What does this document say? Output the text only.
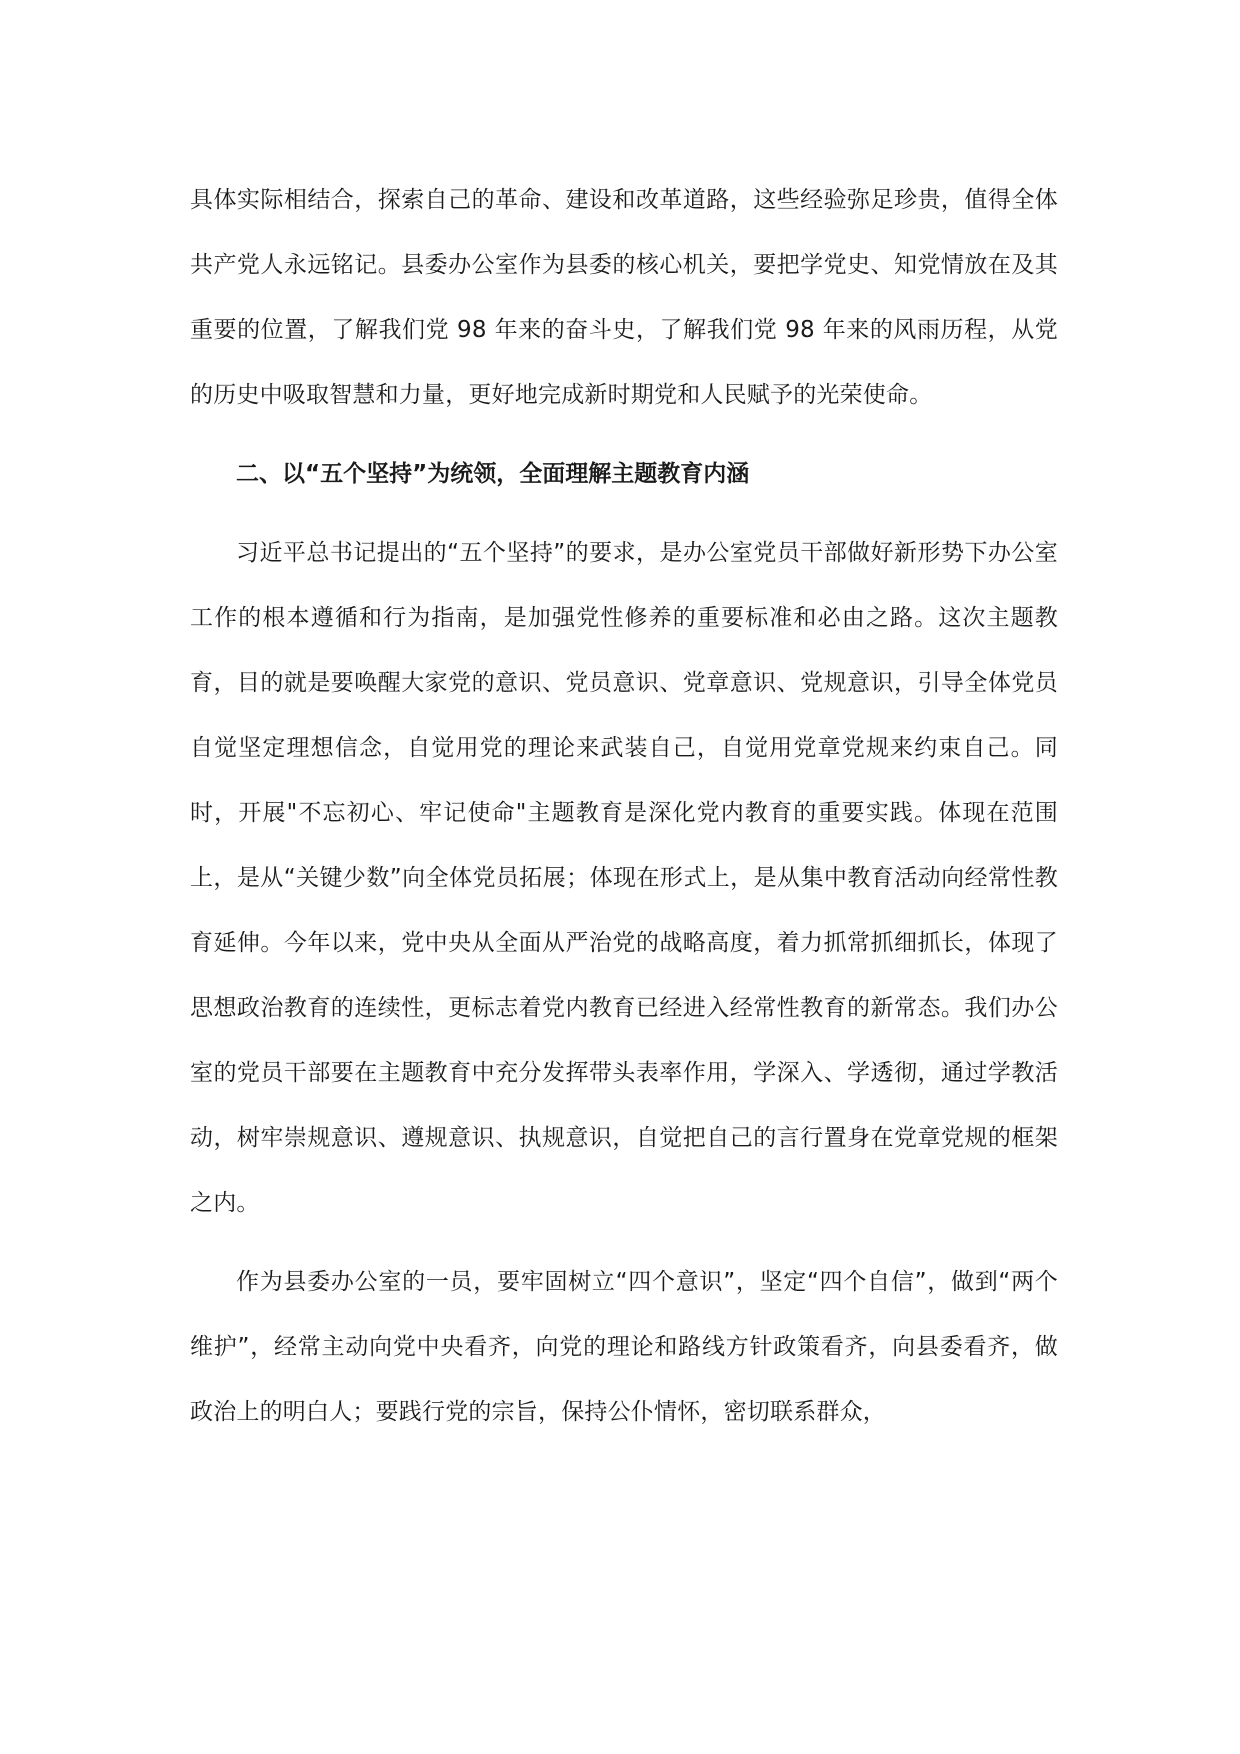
具体实际相结合，探索自己的革命、建设和改革道路，这些经验弥足珍贵，值得全体共产党人永远铭记。县委办公室作为县委的核心机关，要把学党史、知党情放在及其重要的位置，了解我们党 98 年来的奋斗史，了解我们党 98 年来的风雨历程，从党的历史中吸取智慧和力量，更好地完成新时期党和人民赋予的光荣使命。

二、以“五个坚持”为统领，全面理解主题教育内涵

习近平总书记提出的“五个坚持”的要求，是办公室党员干部做好新形势下办公室工作的根本遵循和行为指南，是加强党性修养的重要标准和必由之路。这次主题教育，目的就是要唤醒大家党的意识、党员意识、党章意识、党规意识，引导全体党员自觉坚定理想信念，自觉用党的理论来武装自己，自觉用党章党规来约束自己。同时，开展"不忘初心、牢记使命"主题教育是深化党内教育的重要实践。体现在范围上，是从“关键少数”向全体党员拓展；体现在形式上，是从集中教育活动向经常性教育延伸。今年以来，党中央从全面从严治党的战略高度，着力抓常抓细抓长，体现了思想政治教育的连续性，更标志着党内教育已经进入经常性教育的新常态。我们办公室的党员干部要在主题教育中充分发挥带头表率作用，学深入、学透彻，通过学教活动，树牢崇规意识、遵规意识、执规意识，自觉把自己的言行置身在党章党规的框架之内。

作为县委办公室的一员，要牢固树立“四个意识”，坚定“四个自信”，做到“两个维护”，经常主动向党中央看齐，向党的理论和路线方针政策看齐，向县委看齐，做政治上的明白人；要践行党的宗旨，保持公仆情怀，密切联系群众，
